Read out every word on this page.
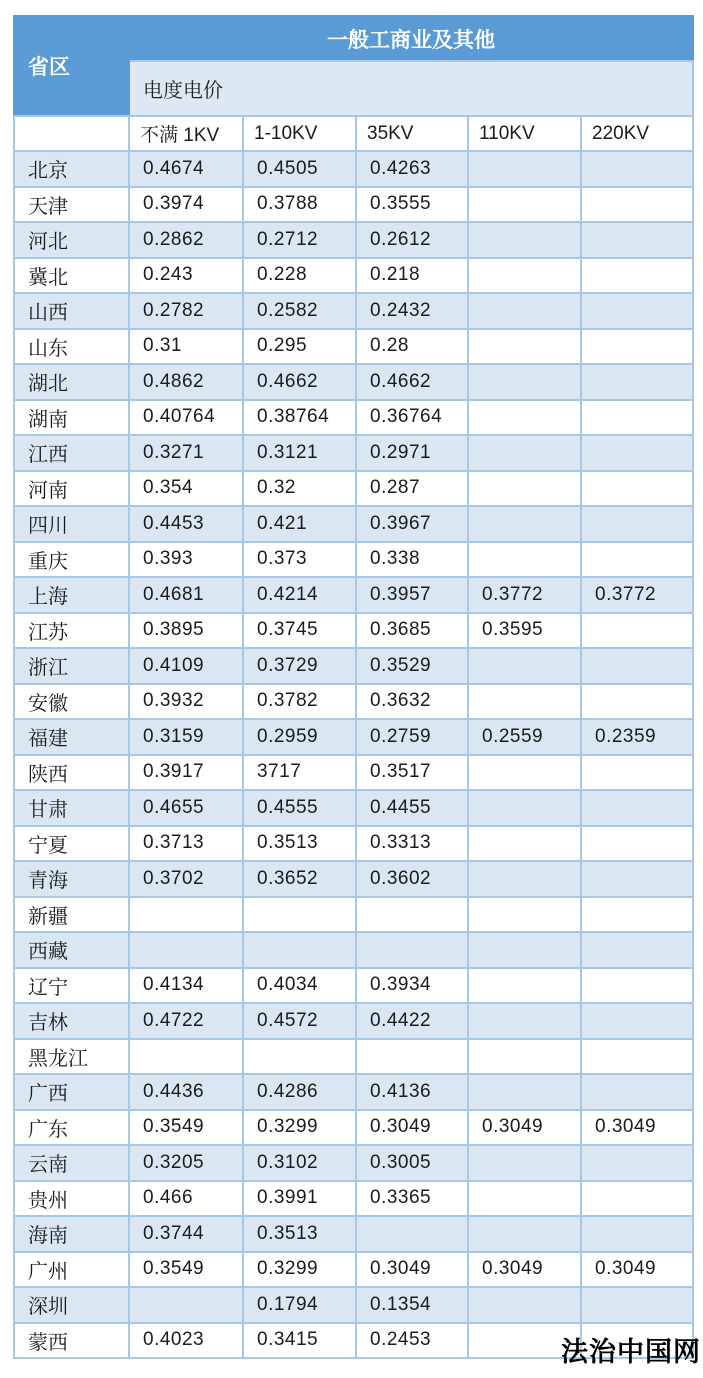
省区	一般工商业及其他				
	电度电价				
	不满 1KV	1-10KV	35KV	110KV	220KV
北京	0.4674	0.4505	0.4263		
天津	0.3974	0.3788	0.3555		
河北	0.2862	0.2712	0.2612		
冀北	0.243	0.228	0.218		
山西	0.2782	0.2582	0.2432		
山东	0.31	0.295	0.28		
湖北	0.4862	0.4662	0.4662		
湖南	0.40764	0.38764	0.36764		
江西	0.3271	0.3121	0.2971		
河南	0.354	0.32	0.287		
四川	0.4453	0.421	0.3967		
重庆	0.393	0.373	0.338		
上海	0.4681	0.4214	0.3957	0.3772	0.3772
江苏	0.3895	0.3745	0.3685	0.3595	
浙江	0.4109	0.3729	0.3529		
安徽	0.3932	0.3782	0.3632		
福建	0.3159	0.2959	0.2759	0.2559	0.2359
陕西	0.3917	3717	0.3517		
甘肃	0.4655	0.4555	0.4455		
宁夏	0.3713	0.3513	0.3313		
青海	0.3702	0.3652	0.3602		
新疆					
西藏					
辽宁	0.4134	0.4034	0.3934		
吉林	0.4722	0.4572	0.4422		
黑龙江					
广西	0.4436	0.4286	0.4136		
广东	0.3549	0.3299	0.3049	0.3049	0.3049
云南	0.3205	0.3102	0.3005		
贵州	0.466	0.3991	0.3365		
海南	0.3744	0.3513			
广州	0.3549	0.3299	0.3049	0.3049	0.3049
深圳		0.1794	0.1354		
蒙西	0.4023	0.3415	0.2453			法治中国网
